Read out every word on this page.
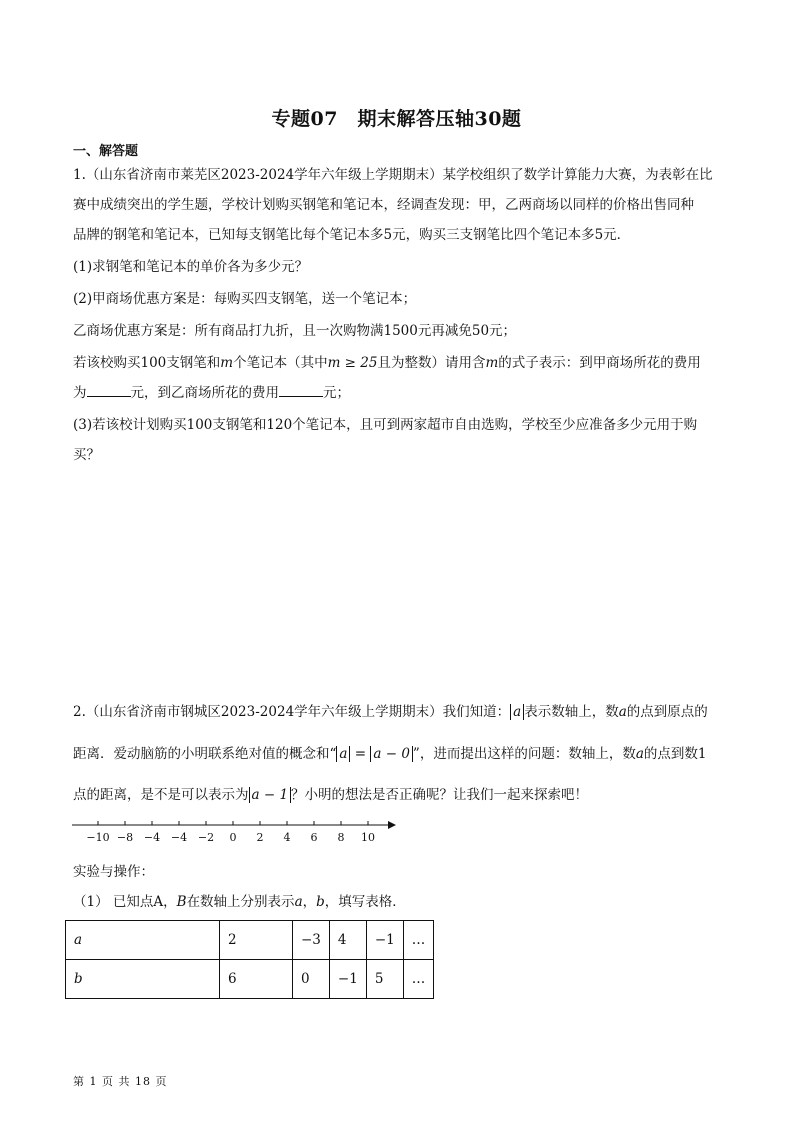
专题07　期末解答压轴30题
一、解答题
1.（山东省济南市莱芜区2023-2024学年六年级上学期期末）某学校组织了数学计算能力大赛，为表彰在比
赛中成绩突出的学生题，学校计划购买钢笔和笔记本，经调查发现：甲，乙两商场以同样的价格出售同种
品牌的钢笔和笔记本，已知每支钢笔比每个笔记本多5元，购买三支钢笔比四个笔记本多5元．
(1)求钢笔和笔记本的单价各为多少元？
(2)甲商场优惠方案是：每购买四支钢笔，送一个笔记本；
乙商场优惠方案是：所有商品打九折，且一次购物满1500元再减免50元；
若该校购买100支钢笔和m个笔记本（其中m ≥ 25且为整数）请用含m的式子表示：到甲商场所花的费用
为	元，到乙商场所花的费用	元；
(3)若该校计划购买100支钢笔和120个笔记本，且可到两家超市自由选购，学校至少应准备多少元用于购
买？
2.（山东省济南市钢城区2023-2024学年六年级上学期期末）我们知道： a 表示数轴上，数a的点到原点的
距离．爱动脑筋的小明联系绝对值的概念和“ a = a − 0 ”，进而提出这样的问题：数轴上，数a的点到数1
点的距离，是不是可以表示为 a − 1 ？小明的想法是否正确呢？让我们一起来探索吧！
−10 −8 −4 −4 −2 0 2 4 6 8 10
实验与操作：
（1） 已知点A，B在数轴上分别表示a，b，填写表格．
a	2	−3	4	−1	…
b	6	0	−1	5	…
第 1 页 共 18 页
